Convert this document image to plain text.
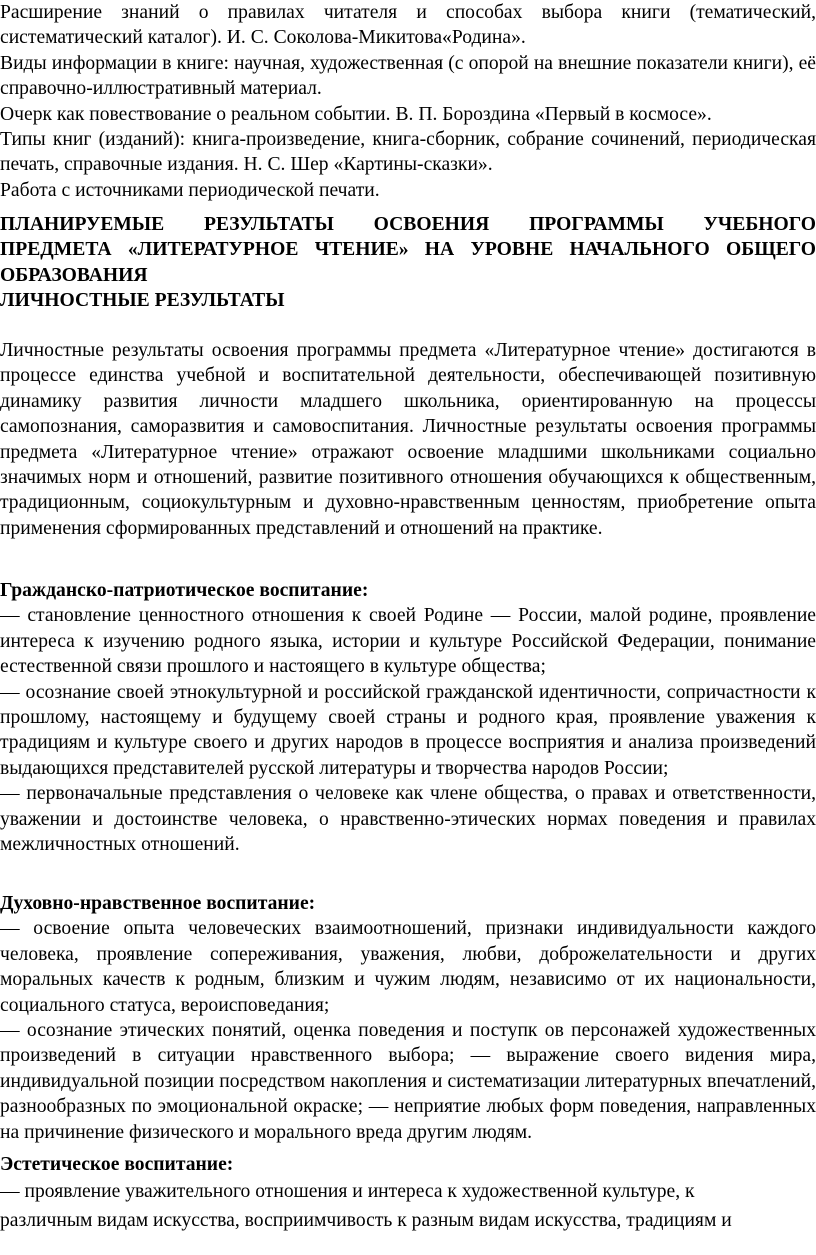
Расширение знаний о правилах читателя и способах выбора книги (тематический, систематический каталог). И. С. Соколова-Микитова«Родина».

Виды информации в книге: научная, художественная (с опорой на внешние показатели книги), её справочно-иллюстративный материал.

Очерк как повествование о реальном событии. В. П. Бороздина «Первый в космосе».

Типы книг (изданий): книга-произведение, книга-сборник, собрание сочинений, периодическая печать, справочные издания. Н. С. Шер «Картины-сказки».

Работа с источниками периодической печати.

ПЛАНИРУЕМЫЕ РЕЗУЛЬТАТЫ ОСВОЕНИЯ ПРОГРАММЫ УЧЕБНОГО
ПРЕДМЕТА «ЛИТЕРАТУРНОЕ ЧТЕНИЕ» НА УРОВНЕ НАЧАЛЬНОГО ОБЩЕГО
ОБРАЗОВАНИЯ
ЛИЧНОСТНЫЕ РЕЗУЛЬТАТЫ

Личностные результаты освоения программы предмета «Литературное чтение» достигаются в процессе единства учебной и воспитательной деятельности, обеспечивающей позитивную динамику развития личности младшего школьника, ориентированную на процессы самопознания, саморазвития и самовоспитания. Личностные результаты освоения программы предмета «Литературное чтение» отражают освоение младшими школьниками социально значимых норм и отношений, развитие позитивного отношения обучающихся к общественным, традиционным, социокультурным и духовно-нравственным ценностям, приобретение опыта применения сформированных представлений и отношений на практике.

Гражданско-патриотическое воспитание:

— становление ценностного отношения к своей Родине — России, малой родине, проявление интереса к изучению родного языка, истории и культуре Российской Федерации, понимание естественной связи прошлого и настоящего в культуре общества;

— осознание своей этнокультурной и российской гражданской идентичности, сопричастности к прошлому, настоящему и будущему своей страны и родного края, проявление уважения к традициям и культуре своего и других народов в процессе восприятия и анализа произведений выдающихся представителей русской литературы и творчества народов России;

— первоначальные представления о человеке как члене общества, о правах и ответственности, уважении и достоинстве человека, о нравственно-этических нормах поведения и правилах межличностных отношений.

Духовно-нравственное воспитание:

— освоение опыта человеческих взаимоотношений, признаки индивидуальности каждого человека, проявление сопереживания, уважения, любви, доброжелательности и других моральных качеств к родным, близким и чужим людям, независимо от их национальности, социального статуса, вероисповедания;

— осознание этических понятий, оценка поведения и поступк ов персонажей художественных произведений в ситуации нравственного выбора; — выражение своего видения мира, индивидуальной позиции посредством накопления и систематизации литературных впечатлений, разнообразных по эмоциональной окраске; — неприятие любых форм поведения, направленных на причинение физического и морального вреда другим людям.

Эстетическое воспитание:

— проявление уважительного отношения и интереса к художественной культуре, к
различным видам искусства, восприимчивость к разным видам искусства, традициям и
